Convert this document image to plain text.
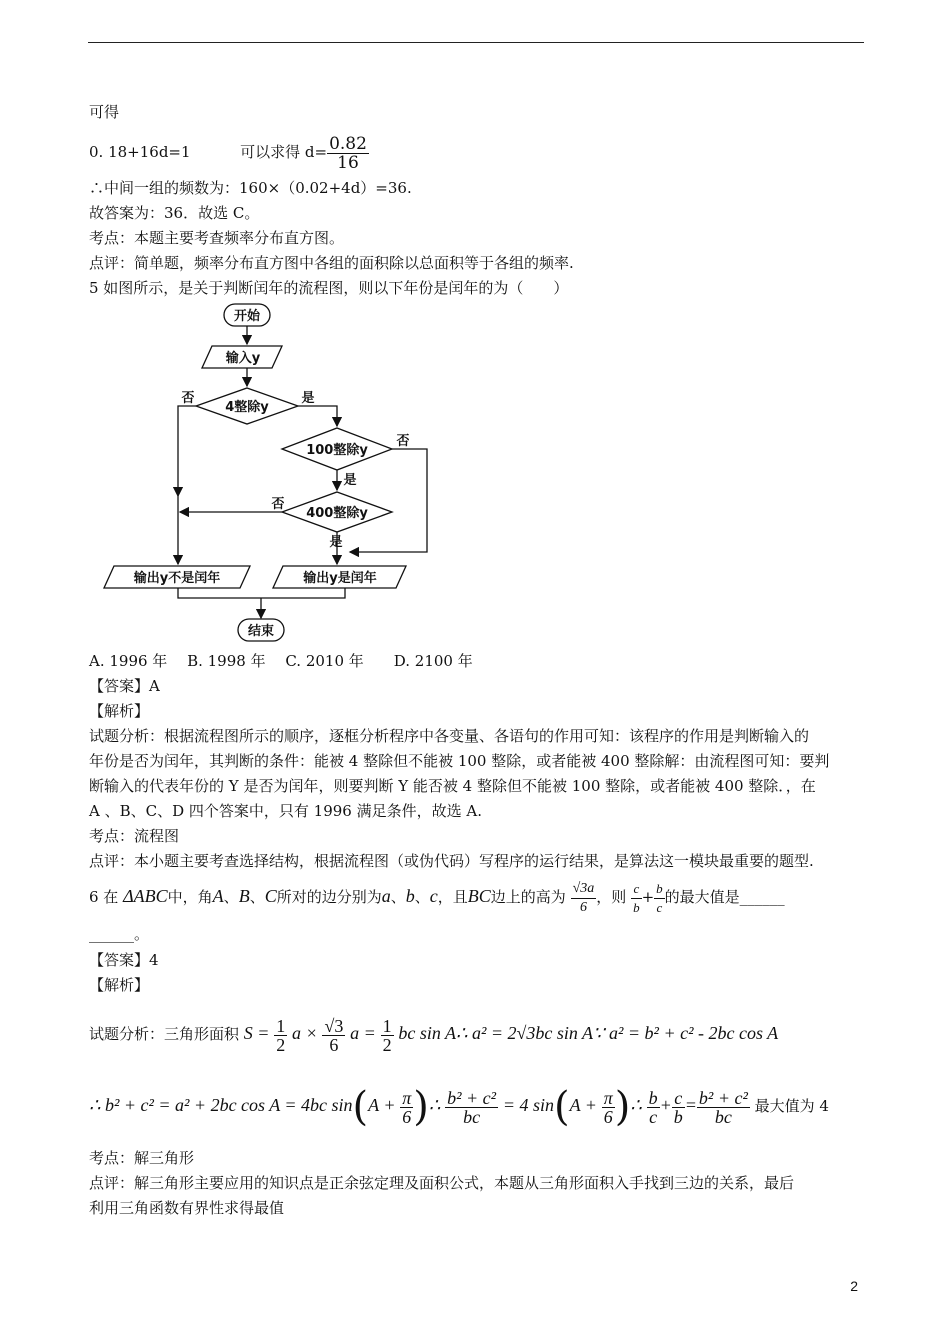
可得
0. 18+16d=1	可以求得 $d= \frac{0.82}{16}$
∴中间一组的频数为：160×（0.02+4d）=36.
故答案为：36．故选 C。
考点：本题主要考查频率分布直方图。
点评：简单题，频率分布直方图中各组的面积除以总面积等于各组的频率.
5 如图所示，是关于判断闰年的流程图，则以下年份是闰年的为（　　）
开始
输入y
4整除y
100整除y
400整除y
是
是
是
否
否
否
输出y不是闰年	输出y是闰年
结束
A. 1996 年　 B. 1998 年　 C. 2010 年　　D. 2100 年
【答案】A
【解析】
试题分析：根据流程图所示的顺序，逐框分析程序中各变量、各语句的作用可知：该程序的作用是判断输入的
年份是否为闰年，其判断的条件：能被 4 整除但不能被 100 整除，或者能被 400 整除解：由流程图可知：要判
断输入的代表年份的 Y 是否为闰年，则要判断 Y 能否被 4 整除但不能被 100 整除，或者能被 400 整除．，在
A 、B、C、D 四个答案中，只有 1996 满足条件，故选 A.
考点：流程图
点评：本小题主要考查选择结构，根据流程图（或伪代码）写程序的运行结果，是算法这一模块最重要的题型.
6 在 ΔABC中，角A、B、C所对的边分别为a、b、c，且BC边上的高为 $\frac{√3a}{6}$ ，则 $\frac{c}{b} + \frac{b}{c}$ 的最大值是______
______。
【答案】4
【解析】
试题分析：三角形面积 $S = \frac{1}{2}$ $a \times \frac{√3}{6}$ $a = \frac{1}{2}$ bc sin A∴ a² = 2√3bc sin A∵ a² = b² + c² - 2bc cos A
∴ b² + c² = a² + 2bc cos A = 4bc $\sin(A + \frac{\pi}{6}$ )∴ $\frac{\text{b² + c²}}{bc} = 4$ $\sin(A + \frac{\pi}{6}$ )∴ $\frac{b}{c} + \frac{c}{b} = \frac{\text{b² + c²}}{bc}$ 最大值为 4
考点：解三角形
点评：解三角形主要应用的知识点是正余弦定理及面积公式，本题从三角形面积入手找到三边的关系，最后
利用三角函数有界性求得最值
2
